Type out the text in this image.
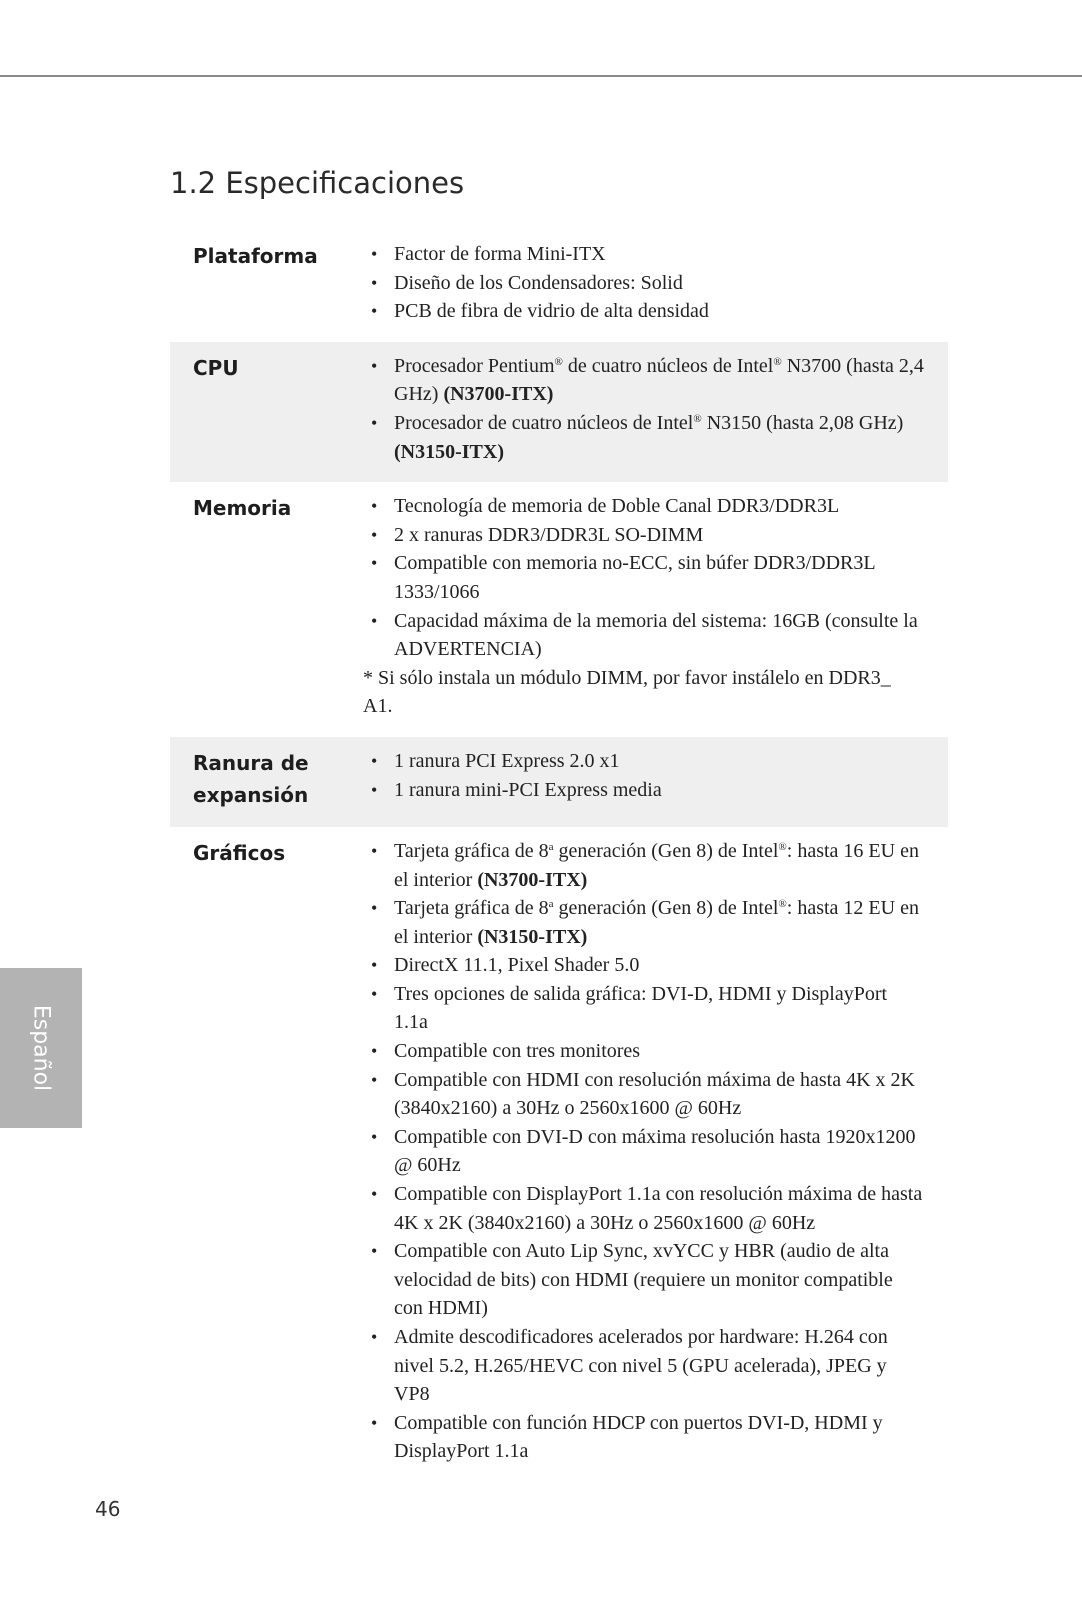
1.2 Especificaciones
Plataforma	• Factor de forma Mini-ITX
• Diseño de los Condensadores: Solid
• PCB de fibra de vidrio de alta densidad
CPU	• Procesador Pentium® de cuatro núcleos de Intel® N3700 (hasta 2,4 GHz) (N3700-ITX)
• Procesador de cuatro núcleos de Intel® N3150 (hasta 2,08 GHz) (N3150-ITX)
Memoria	• Tecnología de memoria de Doble Canal DDR3/DDR3L
• 2 x ranuras DDR3/DDR3L SO-DIMM
• Compatible con memoria no-ECC, sin búfer DDR3/DDR3L 1333/1066
• Capacidad máxima de la memoria del sistema: 16GB (consulte la ADVERTENCIA)

* Si sólo instala un módulo DIMM, por favor instálelo en DDR3_ A1.

Ranura de
expansión
• 1 ranura PCI Express 2.0 x1
• 1 ranura mini-PCI Express media
Gráficos	• Tarjeta gráfica de 8$^a$ generación (Gen 8) de Intel®: hasta 16 EU en el interior (N3700-ITX)
• Tarjeta gráfica de 8$^a$ generación (Gen 8) de Intel®: hasta 12 EU en el interior (N3150-ITX)
• DirectX 11.1, Pixel Shader 5.0
• Tres opciones de salida gráfica: DVI-D, HDMI y DisplayPort 1.1a
• Compatible con tres monitores
• Compatible con HDMI con resolución máxima de hasta 4K x 2K (3840x2160) a 30Hz o 2560x1600 @ 60Hz
• Compatible con DVI-D con máxima resolución hasta 1920x1200 @ 60Hz
• Compatible con DisplayPort 1.1a con resolución máxima de hasta 4K x 2K (3840x2160) a 30Hz o 2560x1600 @ 60Hz
• Compatible con Auto Lip Sync, xvYCC y HBR (audio de alta velocidad de bits) con HDMI (requiere un monitor compatible con HDMI)
• Admite descodificadores acelerados por hardware: H.264 con nivel 5.2, H.265/HEVC con nivel 5 (GPU acelerada), JPEG y VP8
• Compatible con función HDCP con puertos DVI-D, HDMI y DisplayPort 1.1a
Español
46
